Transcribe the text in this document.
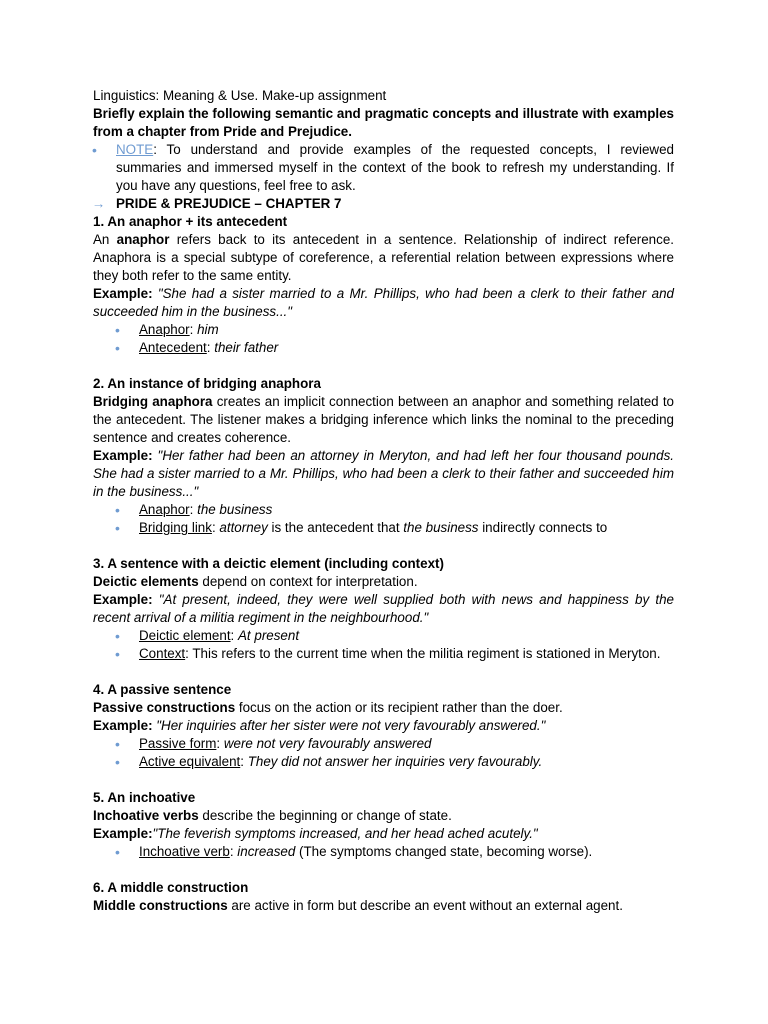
Linguistics: Meaning & Use. Make-up assignment

Briefly explain the following semantic and pragmatic concepts and illustrate with examples from a chapter from Pride and Prejudice.

• NOTE: To understand and provide examples of the requested concepts, I reviewed summaries and immersed myself in the context of the book to refresh my understanding. If you have any questions, feel free to ask.
→ PRIDE & PREJUDICE – CHAPTER 7

1. An anaphor + its antecedent

An anaphor refers back to its antecedent in a sentence. Relationship of indirect reference. Anaphora is a special subtype of coreference, a referential relation between expressions where they both refer to the same entity.

Example: "She had a sister married to a Mr. Phillips, who had been a clerk to their father and succeeded him in the business..."

• Anaphor: him
• Antecedent: their father

2. An instance of bridging anaphora

Bridging anaphora creates an implicit connection between an anaphor and something related to the antecedent. The listener makes a bridging inference which links the nominal to the preceding sentence and creates coherence.

Example: "Her father had been an attorney in Meryton, and had left her four thousand pounds. She had a sister married to a Mr. Phillips, who had been a clerk to their father and succeeded him in the business..."

• Anaphor: the business
• Bridging link: attorney is the antecedent that the business indirectly connects to

3. A sentence with a deictic element (including context)

Deictic elements depend on context for interpretation.

Example: "At present, indeed, they were well supplied both with news and happiness by the recent arrival of a militia regiment in the neighbourhood."

• Deictic element: At present
• Context: This refers to the current time when the militia regiment is stationed in Meryton.

4. A passive sentence

Passive constructions focus on the action or its recipient rather than the doer.

Example: "Her inquiries after her sister were not very favourably answered."

• Passive form: were not very favourably answered
• Active equivalent: They did not answer her inquiries very favourably.

5. An inchoative

Inchoative verbs describe the beginning or change of state.

Example:"The feverish symptoms increased, and her head ached acutely."

• Inchoative verb: increased (The symptoms changed state, becoming worse).

6. A middle construction

Middle constructions are active in form but describe an event without an external agent.
